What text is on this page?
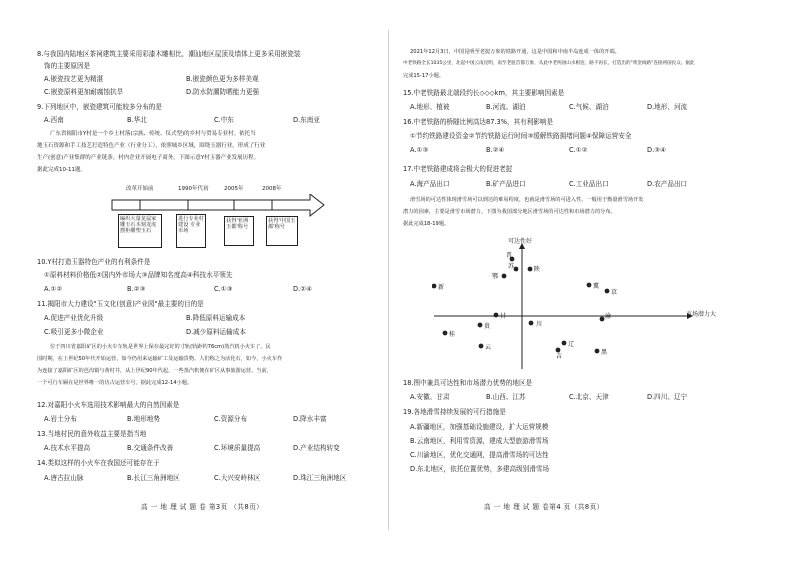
8.与我国内陆地区茶祠建筑主要采用彩漆木雕相比，潮汕地区屋顶及墙体上更多采用嵌瓷装
饰的主要原因是
A.嵌瓷技艺更为精湛	B.嵌瓷颜色更为多样美观
C.嵌瓷原料更加耐腐蚀抗旱	D.防水防潮防晒能力更强
9.下列地区中，嵌瓷建筑可能较多分布的是
A.西南	B.华北	C.中东	D.东南亚
广东省揭阳市Y村是一个乡土村落(宗族、传统、仪式型)的乡村与贸易专业村。依托当
地玉石资源和手工技艺打造特色产业（行业分工），依照城乡区域，围绕玉器行业，形成了行业
生产(创意)产业集群的产业链条。村内企业开展电子商务。下图示意Y村玉器产业发展历程。
据此完成10-11题。
改革开始前	1990年代初	2005年	2008年
编织大量龙鼠家雕玉石木刻龙虎 摆柜雕塑玉石
进行专业村建设 专业市场
获得'亚洲玉都'称号
获得'中国玉都'称号
10.Y村打造玉器特色产业的有利条件是
①原料材料价格低②国内外市场大③品牌知名度高④科技水平领先
A.①②	B.②③	C.①③	D.②④
11.揭阳市大力建设"玉文化(创意)产业园"最主要的目的是
A.促进产业优化升级	B.降低原料运输成本
C.吸引更多小微企业	D.减少原料运输成本
位于四川省嘉阳矿区的小火车车轨是世界上保存最完好的寸轨(轨距约76cm)蒸汽机小火车了。民
国时期，在上世纪50年代开始运营，如今仍用来运输矿工及运输货物。人们称之为活化石，如今，小火车作
为连接了嘉阳矿区的芭沟镇与黄村井，从上世纪90年代起，一些蒸汽机便在矿区从事旅游运营。当前，
一个可行车厢在是世界唯一的仿古运营车号。据此完成12-14小题。
12.对嘉阳小火车选用技术影响最大的自然因素是
A.岩土分布	B.地形地势	C.资源分布	D.降水丰富
13.当地村民的意外收益主要是指当地
A.技术水平提高	B.交通条件改善	C.环境质量提高	D.产业结构转变
14.类似这样的小火车在我国还可能存在于
A.唐古拉山脉	B.长江三角洲地区	C.大兴安岭林区	D.珠江三角洲地区
高 一 地 理 试 题 卷 第3页 （共8页）
2021年12月3日，中国昆明至老挝万象的铁路开通，这是中国和中南半岛连成一体的开端。
中老铁路全长1035公里，北起中国云南昆明，南至老挝首都万象，从此中老两国山水相连，路不再长，打造出的"黄金线路"连接两国民众。据此
完成15-17小题。
15.中老铁路最北端段约长◇◇◇km，其主要影响因素是
A.地形、植被	B.河流、湖泊	C.气候、湖泊	D.地形、河流
16.中老铁路的桥隧比例高达87.3%，其有利影响是
①节约铁路建设资金②节约铁路运行时间③缓解铁路拥堵问题④保障运营安全
A.①③	B.②④	C.①②	D.③④
17.中老铁路建成将会极大的促进老挝
A.海产品出口	B.矿产品进口	C.工业品出口	D.农产品出口
滑雪场的可达性体现滑雪场可以到达的难易程度，也就是滑雪场的可进入性。一般用于衡量滑雪场开发
潜力的因素，主要是滑雪市场潜力。下图为我国部分地区滑雪场的可达性和市场潜力的分布。
据此完成18-19题。
可达性好
市场潜力大
晋
苏
鄂
陕
新	冀
京
渝
甘
川
桂
贵
云	辽
吉
黑
18.图中兼具可达性和市场潜力优势的地区是
A.安徽、甘肃	B.山西、江苏	C.北京、天津	D.四川、辽宁
19.各地滑雪持续发展的可行措施是
A.新疆地区，加强基础设施建设，扩大运营规模
B.云南地区，利用雪资源，建成大型旅游滑雪场
C.川渝地区，优化交通网，提高滑雪场的可达性
D.东北地区，依托位置优势，多建高级别滑雪场
高 一 地 理 试 题 卷第4 页（共8页）
